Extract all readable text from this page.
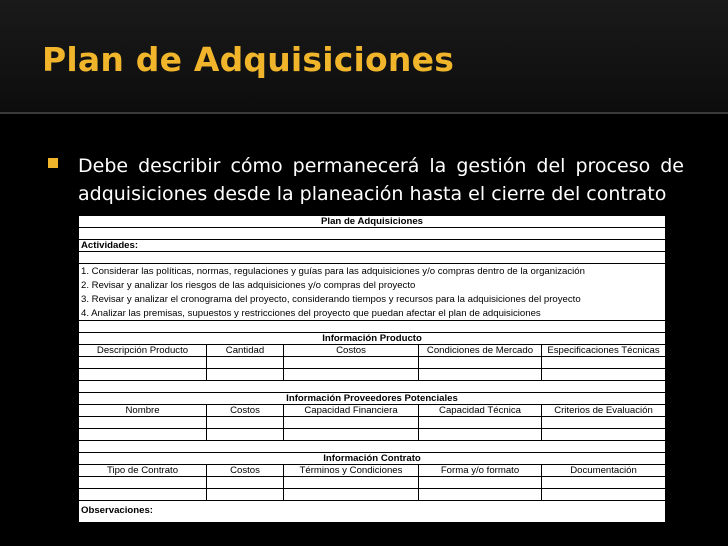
Plan de Adquisiciones

Debe describir cómo permanecerá la gestión del proceso de adquisiciones desde la planeación hasta el cierre del contrato

Plan de Adquisiciones				

Actividades:				

1. Considerar las políticas, normas, regulaciones y guías para las adquisiciones y/o compras dentro de la organización				
2. Revisar y analizar los riesgos de las adquisiciones y/o compras del proyecto				
3. Revisar y analizar el cronograma del proyecto, considerando tiempos y recursos para la adquisiciones del proyecto				
4. Analizar las premisas, supuestos y restricciones del proyecto que puedan afectar el plan de adquisiciones				

Información Producto				
Descripción Producto	Cantidad	Costos	Condiciones de Mercado	Especificaciones Técnicas

Información Proveedores Potenciales				
Nombre	Costos	Capacidad Financiera	Capacidad Técnica	Criterios de Evaluación

Información Contrato				
Tipo de Contrato	Costos	Términos y Condiciones	Forma y/o formato	Documentación

Observaciones:				
Elaborado por :				
